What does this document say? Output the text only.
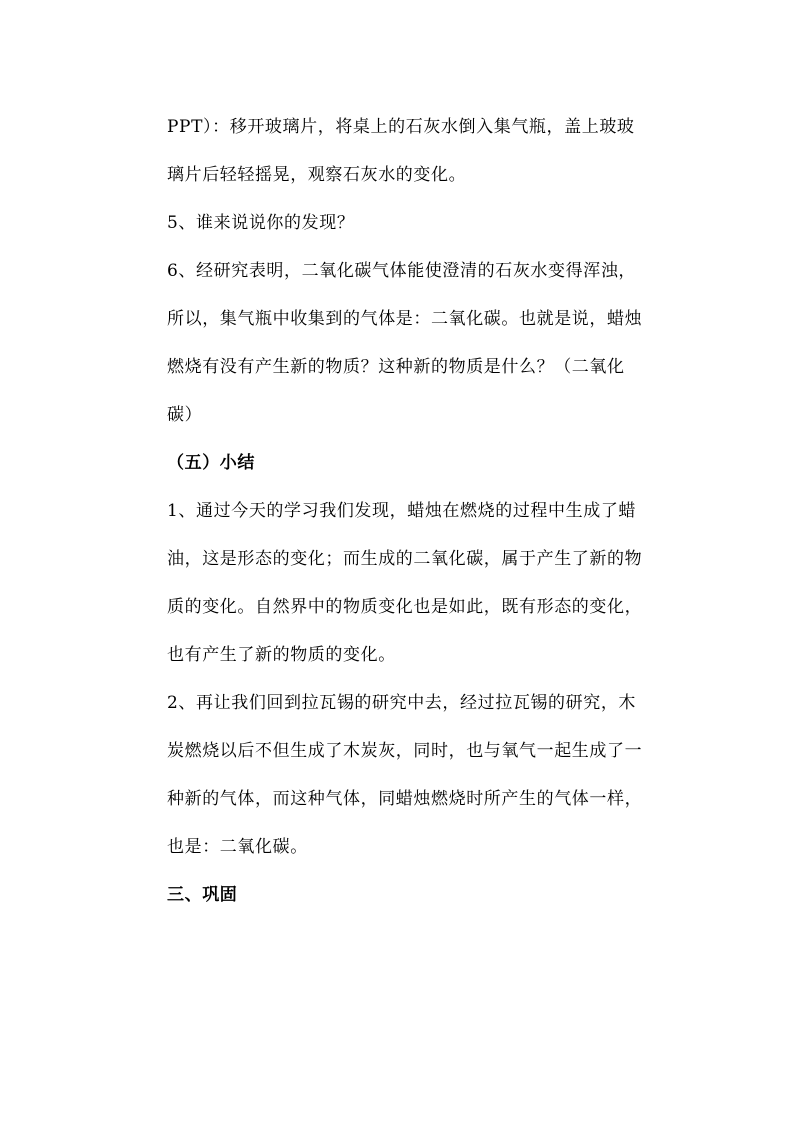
PPT）：移开玻璃片，将桌上的石灰水倒入集气瓶，盖上玻玻
璃片后轻轻摇晃，观察石灰水的变化。
5、谁来说说你的发现？
6、经研究表明，二氧化碳气体能使澄清的石灰水变得浑浊，
所以，集气瓶中收集到的气体是：二氧化碳。也就是说，蜡烛
燃烧有没有产生新的物质？这种新的物质是什么？（二氧化
碳）
（五）小结
1、通过今天的学习我们发现，蜡烛在燃烧的过程中生成了蜡
油，这是形态的变化；而生成的二氧化碳，属于产生了新的物
质的变化。自然界中的物质变化也是如此，既有形态的变化，
也有产生了新的物质的变化。
2、再让我们回到拉瓦锡的研究中去，经过拉瓦锡的研究，木
炭燃烧以后不但生成了木炭灰，同时，也与氧气一起生成了一
种新的气体，而这种气体，同蜡烛燃烧时所产生的气体一样，
也是：二氧化碳。
三、巩固
